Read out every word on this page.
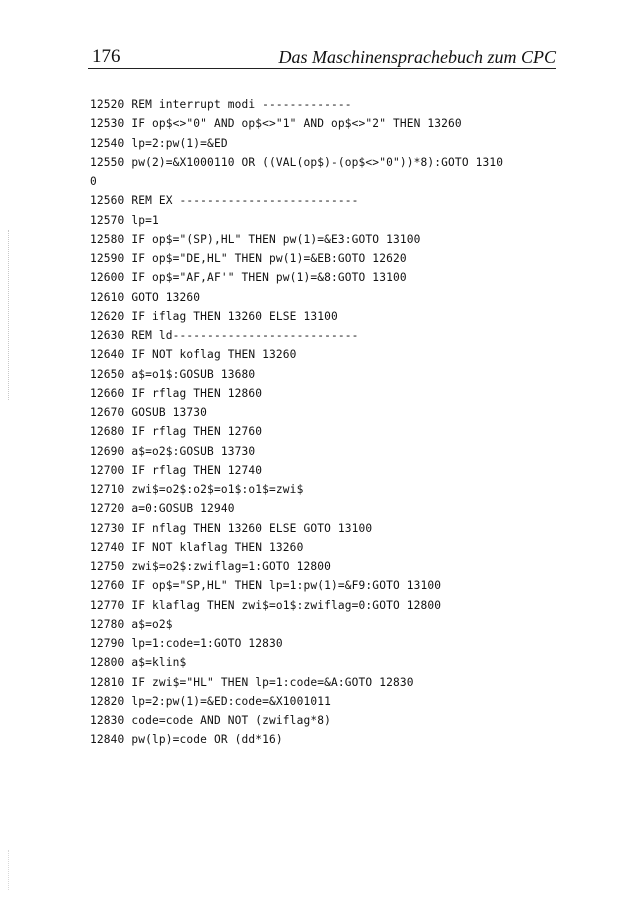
176	Das Maschinensprachebuch zum CPC
12520 REM interrupt modi -------------
12530 IF op$<>"0" AND op$<>"1" AND op$<>"2" THEN 13260
12540 lp=2:pw(1)=&ED
12550 pw(2)=&X1000110 OR ((VAL(op$)-(op$<>"0"))*8):GOTO 1310
0
12560 REM EX --------------------------
12570 lp=1
12580 IF op$="(SP),HL" THEN pw(1)=&E3:GOTO 13100
12590 IF op$="DE,HL" THEN pw(1)=&EB:GOTO 12620
12600 IF op$="AF,AF'" THEN pw(1)=&8:GOTO 13100
12610 GOTO 13260
12620 IF iflag THEN 13260 ELSE 13100
12630 REM ld---------------------------
12640 IF NOT koflag THEN 13260
12650 a$=o1$:GOSUB 13680
12660 IF rflag THEN 12860
12670 GOSUB 13730
12680 IF rflag THEN 12760
12690 a$=o2$:GOSUB 13730
12700 IF rflag THEN 12740
12710 zwi$=o2$:o2$=o1$:o1$=zwi$
12720 a=0:GOSUB 12940
12730 IF nflag THEN 13260 ELSE GOTO 13100
12740 IF NOT klaflag THEN 13260
12750 zwi$=o2$:zwiflag=1:GOTO 12800
12760 IF op$="SP,HL" THEN lp=1:pw(1)=&F9:GOTO 13100
12770 IF klaflag THEN zwi$=o1$:zwiflag=0:GOTO 12800
12780 a$=o2$
12790 lp=1:code=1:GOTO 12830
12800 a$=klin$
12810 IF zwi$="HL" THEN lp=1:code=&A:GOTO 12830
12820 lp=2:pw(1)=&ED:code=&X1001011
12830 code=code AND NOT (zwiflag*8)
12840 pw(lp)=code OR (dd*16)
